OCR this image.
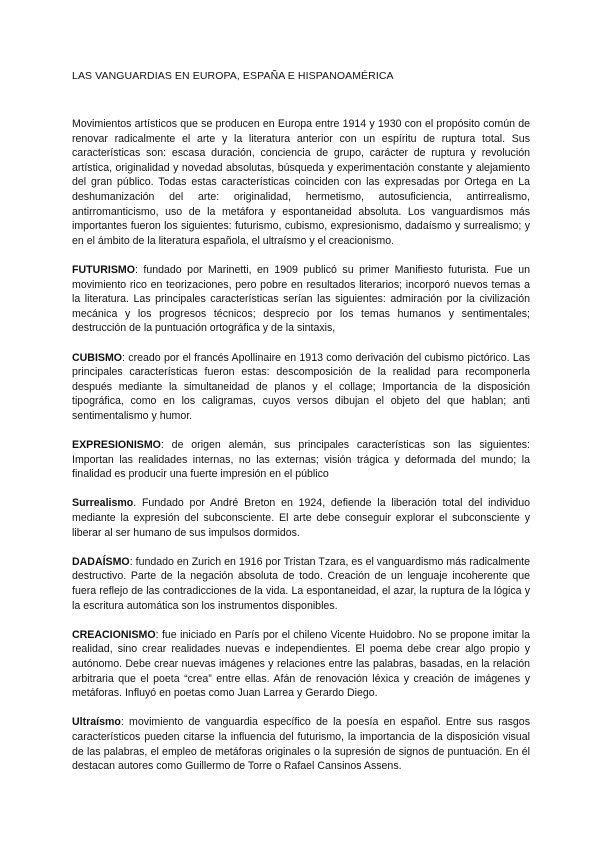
LAS VANGUARDIAS EN EUROPA, ESPAÑA E HISPANOAMÉRICA

Movimientos artísticos que se producen en Europa entre 1914 y 1930 con el propósito común de renovar radicalmente el arte y la literatura anterior con un espíritu de ruptura total. Sus características son: escasa duración, conciencia de grupo, carácter de ruptura y revolución artística, originalidad y novedad absolutas, búsqueda y experimentación constante y alejamiento del gran público. Todas estas características coinciden con las expresadas por Ortega en La deshumanización del arte: originalidad, hermetismo, autosuficiencia, antirrealismo, antirromanticismo, uso de la metáfora y espontaneidad absoluta. Los vanguardismos más importantes fueron los siguientes: futurismo, cubismo, expresionismo, dadaísmo y surrealismo; y en el ámbito de la literatura española, el ultraísmo y el creacionismo.

FUTURISMO: fundado por Marinetti, en 1909 publicó su primer Manifiesto futurista. Fue un movimiento rico en teorizaciones, pero pobre en resultados literarios; incorporó nuevos temas a la literatura. Las principales características serían las siguientes: admiración por la civilización mecánica y los progresos técnicos; desprecio por los temas humanos y sentimentales; destrucción de la puntuación ortográfica y de la sintaxis,

CUBISMO: creado por el francés Apollinaire en 1913 como derivación del cubismo pictórico. Las principales características fueron estas: descomposición de la realidad para recomponerla después mediante la simultaneidad de planos y el collage; Importancia de la disposición tipográfica, como en los caligramas, cuyos versos dibujan el objeto del que hablan; anti sentimentalismo y humor.

EXPRESIONISMO: de origen alemán, sus principales características son las siguientes: Importan las realidades internas, no las externas; visión trágica y deformada del mundo; la finalidad es producir una fuerte impresión en el público

Surrealismo. Fundado por André Breton en 1924, defiende la liberación total del individuo mediante la expresión del subconsciente. El arte debe conseguir explorar el subconsciente y liberar al ser humano de sus impulsos dormidos.

DADAÍSMO: fundado en Zurich en 1916 por Tristan Tzara, es el vanguardismo más radicalmente destructivo. Parte de la negación absoluta de todo. Creación de un lenguaje incoherente que fuera reflejo de las contradicciones de la vida. La espontaneidad, el azar, la ruptura de la lógica y la escritura automática son los instrumentos disponibles.

CREACIONISMO: fue iniciado en París por el chileno Vicente Huidobro. No se propone imitar la realidad, sino crear realidades nuevas e independientes. El poema debe crear algo propio y autónomo. Debe crear nuevas imágenes y relaciones entre las palabras, basadas, en la relación arbitraria que el poeta “crea” entre ellas. Afán de renovación léxica y creación de imágenes y metáforas. Influyó en poetas como Juan Larrea y Gerardo Diego.

Ultraísmo: movimiento de vanguardia específico de la poesía en español. Entre sus rasgos característicos pueden citarse la influencia del futurismo, la importancia de la disposición visual de las palabras, el empleo de metáforas originales o la supresión de signos de puntuación. En él destacan autores como Guillermo de Torre o Rafael Cansinos Assens.
